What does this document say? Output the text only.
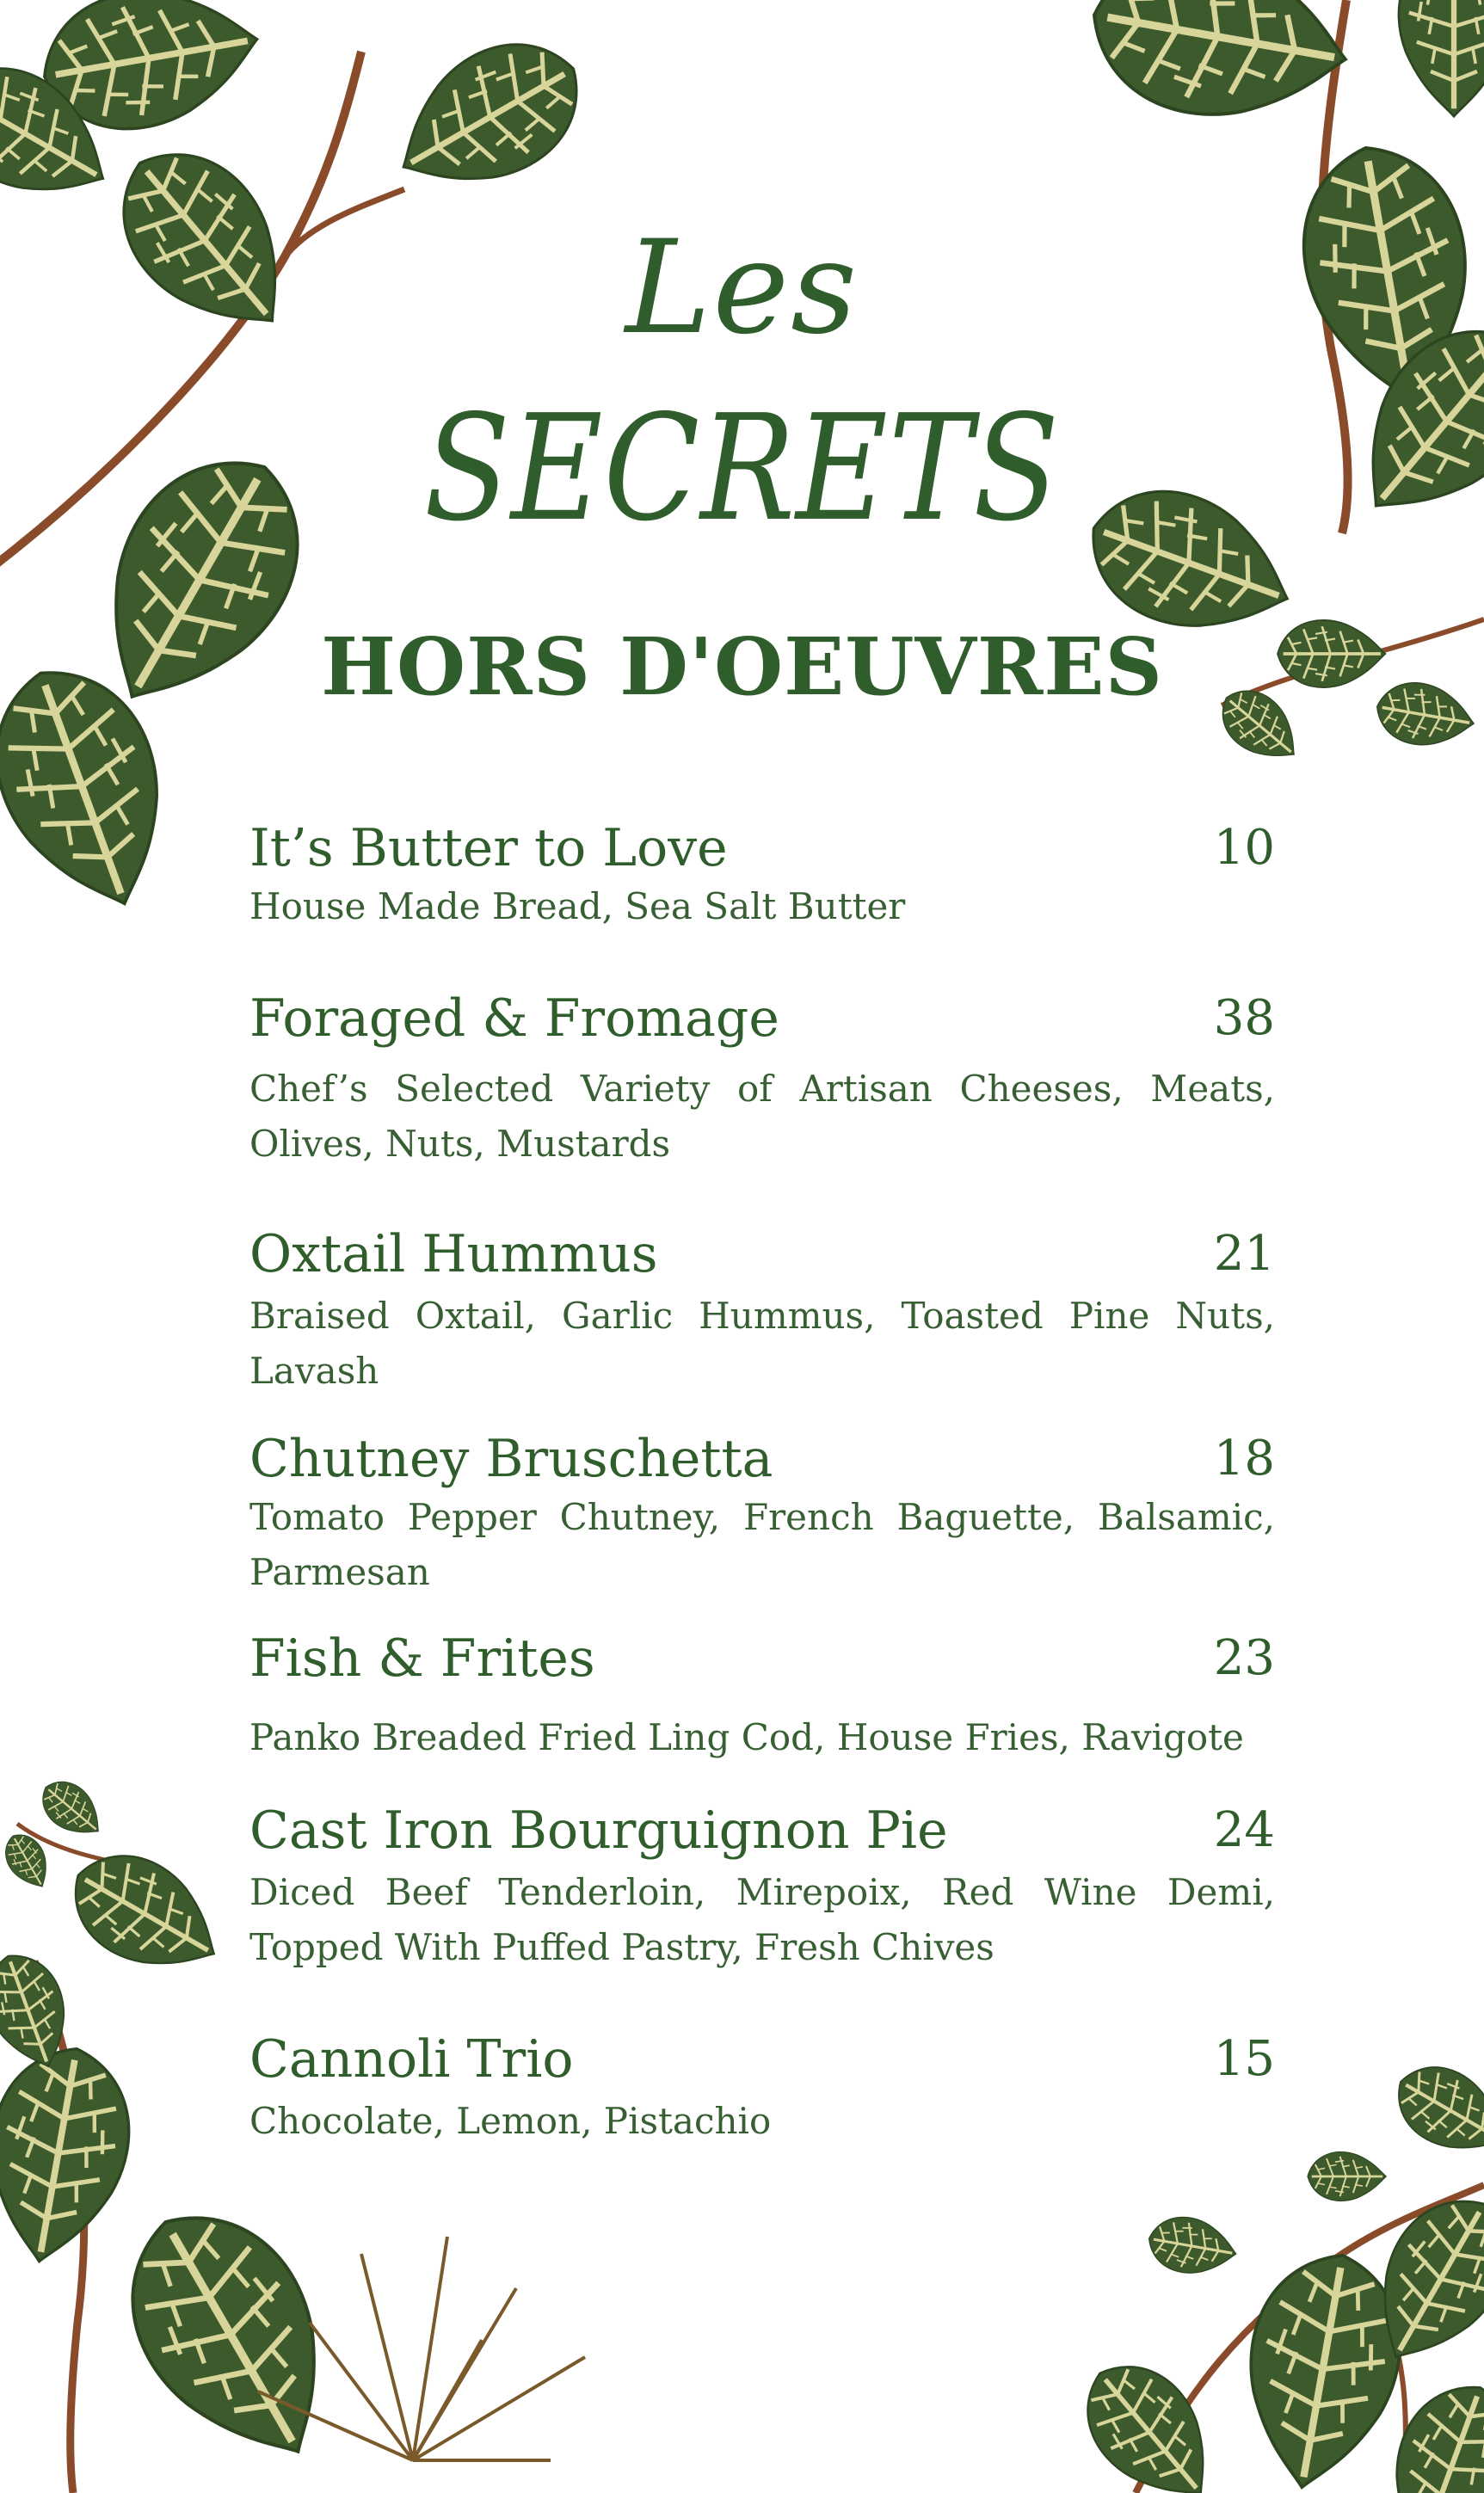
Les
SECRETS
HORS D'OEUVRES
It’s Butter to Love	10
House Made Bread, Sea Salt Butter
Foraged & Fromage	38
Chef’s Selected Variety of Artisan Cheeses, Meats, Olives, Nuts, Mustards
Oxtail Hummus	21
Braised Oxtail, Garlic Hummus, Toasted Pine Nuts, Lavash
Chutney Bruschetta	18
Tomato Pepper Chutney, French Baguette, Balsamic, Parmesan
Fish & Frites	23
Panko Breaded Fried Ling Cod, House Fries, Ravigote
Cast Iron Bourguignon Pie	24
Diced Beef Tenderloin, Mirepoix, Red Wine Demi, Topped With Puffed Pastry, Fresh Chives
Cannoli Trio	15
Chocolate, Lemon, Pistachio
